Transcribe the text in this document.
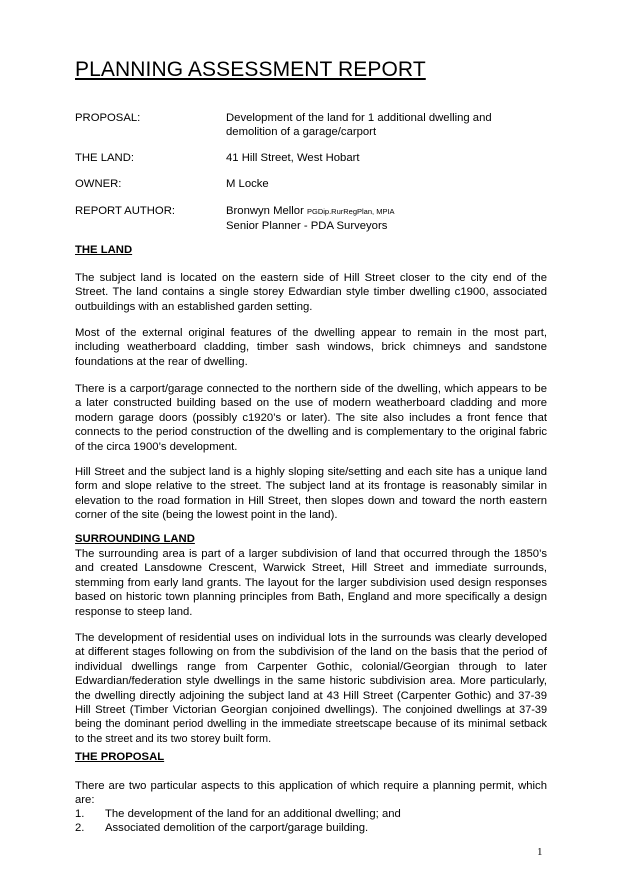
PLANNING ASSESSMENT REPORT
PROPOSAL:	Development of the land for 1 additional dwelling and demolition of a garage/carport
THE LAND:	41 Hill Street, West Hobart
OWNER:	M Locke
REPORT AUTHOR:	Bronwyn Mellor PGDip.RurRegPlan, MPIA
Senior Planner - PDA Surveyors
THE LAND

The subject land is located on the eastern side of Hill Street closer to the city end of the Street. The land contains a single storey Edwardian style timber dwelling c1900, associated outbuildings with an established garden setting.

Most of the external original features of the dwelling appear to remain in the most part, including weatherboard cladding, timber sash windows, brick chimneys and sandstone foundations at the rear of dwelling.

There is a carport/garage connected to the northern side of the dwelling, which appears to be a later constructed building based on the use of modern weatherboard cladding and more modern garage doors (possibly c1920’s or later). The site also includes a front fence that connects to the period construction of the dwelling and is complementary to the original fabric of the circa 1900’s development.

Hill Street and the subject land is a highly sloping site/setting and each site has a unique land form and slope relative to the street. The subject land at its frontage is reasonably similar in elevation to the road formation in Hill Street, then slopes down and toward the north eastern corner of the site (being the lowest point in the land).

SURROUNDING LAND

The surrounding area is part of a larger subdivision of land that occurred through the 1850’s and created Lansdowne Crescent, Warwick Street, Hill Street and immediate surrounds, stemming from early land grants. The layout for the larger subdivision used design responses based on historic town planning principles from Bath, England and more specifically a design response to steep land.

The development of residential uses on individual lots in the surrounds was clearly developed at different stages following on from the subdivision of the land on the basis that the period of individual dwellings range from Carpenter Gothic, colonial/Georgian through to later Edwardian/federation style dwellings in the same historic subdivision area. More particularly, the dwelling directly adjoining the subject land at 43 Hill Street (Carpenter Gothic) and 37-39 Hill Street (Timber Victorian Georgian conjoined dwellings). The conjoined dwellings at 37-39 being the dominant period dwelling in the immediate streetscape because of its minimal setback to the street and its two storey built form.

THE PROPOSAL

There are two particular aspects to this application of which require a planning permit, which are:

1. The development of the land for an additional dwelling; and
2. Associated demolition of the carport/garage building.
1
